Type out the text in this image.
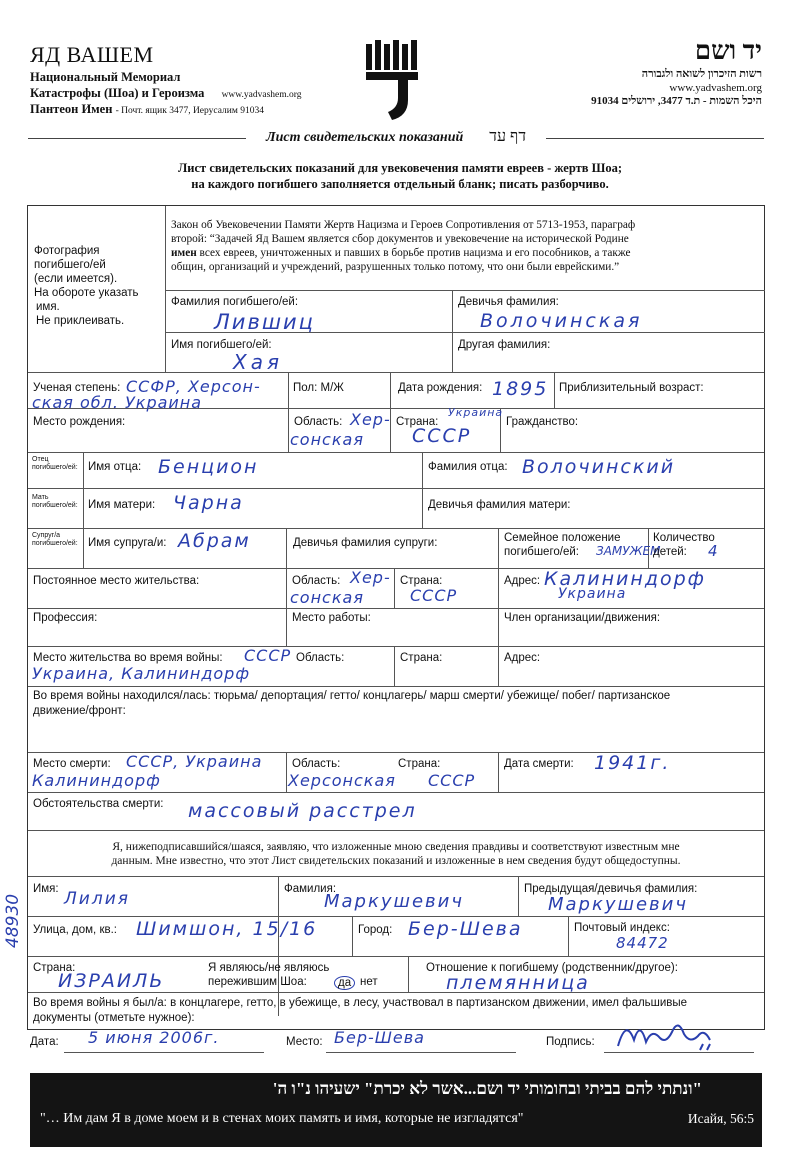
ЯД ВАШЕМ
Национальный Мемориал
Катастрофы (Шоа) и Героизма www.yadvashem.org
Пантеон Имен - Почт. ящик 3477, Иерусалим 91034
יד ושם
רשות הזיכרון לשואה ולגבורה
www.yadvashem.org
היכל השמות - ת.ד 3477, ירושלים 91034
Лист свидетельских показаний דף עד
Лист свидетельских показаний для увековечения памяти евреев - жертв Шоа;
на каждого погибшего заполняется отдельный бланк; писать разборчиво.
Фотография
погибшего/ей
(если имеется).
На обороте указать
имя.
Не приклеивать.
Закон об Увековечении Памяти Жертв Нацизма и Героев Сопротивления от 5713-1953, параграф
второй: “Задачей Яд Вашем является сбор документов и увековечение на исторической Родине
имен всех евреев, уничтоженных и павших в борьбе против нацизма и его пособников, а также
общин, организаций и учреждений, разрушенных только потому, что они были еврейскими.”
Фамилия погибшего/ей:
Лившиц
Девичья фамилия:
Волочинская
Имя погибшего/ей:
Хая
Другая фамилия:
Ученая степень: ССФР, Херсон-
ская обл. Украина
Пол: М/Ж	Дата рождения: 1895 Приблизительный возраст:
Место рождения:	Область: Хер-
сонская
Страна:
Украина
СССР
Гражданство:
Отец погибшего/ей: Имя отца: Бенцион	Фамилия отца: Волочинский
Мать погибшего/ей: Имя матери: Чарна	Девичья фамилия матери:
Супруг/а погибшего/ей: Имя супруга/и: Абрам	Девичья фамилия супруги:	Семейное положение
погибшего/ей: ЗАМУЖЕМ
Количество
детей: 4
Постоянное место жительства:	Область: Хер-
сонская
Страна:
СССР
Адрес: Калининдорф
Украина
Профессия:	Место работы:	Член организации/движения:
Место жительства во время войны: СССР
Украина, Калининдорф
Область:	Страна:	Адрес:
Во время войны находился/лась: тюрьма/ депортация/ гетто/ концлагерь/ марш смерти/ убежище/ побег/ партизанское
движение/фронт:
Место смерти: СССР, Украина
Калининдорф
Область:
Херсонская
Страна:
СССР
Дата смерти: 1941г.
Обстоятельства смерти: массовый расстрел
Я, нижеподписавшийся/шаяся, заявляю, что изложенные мною сведения правдивы и соответствуют известным мне
данным. Мне известно, что этот Лист свидетельских показаний и изложенные в нем сведения будут общедоступны.
Имя: Лилия	Фамилия:
Маркушевич
Предыдущая/девичья фамилия:
Маркушевич
Улица, дом, кв.: Шимшон, 15/16	Город: Бер-Шева	Почтовый индекс:
84472
Страна:
ИЗРАИЛЬ
Я являюсь/не являюсь
пережившим Шоа:	да нет
Отношение к погибшему (родственник/другое):
племянница
Во время войны я был/а: в концлагере, гетто, в убежище, в лесу, участвовал в партизанском движении, имел фальшивые
документы (отметьте нужное):
Дата: 5 июня 2006г.	Место: Бер-Шева	Подпись:
48930
"ונתתי להם בביתי ובחומותי יד ושם...אשר לא יכרת" ישעיהו נ"ו ה'
"… Им дам Я в доме моем и в стенах моих память и имя, которые не изгладятся"	Исайя, 56:5
